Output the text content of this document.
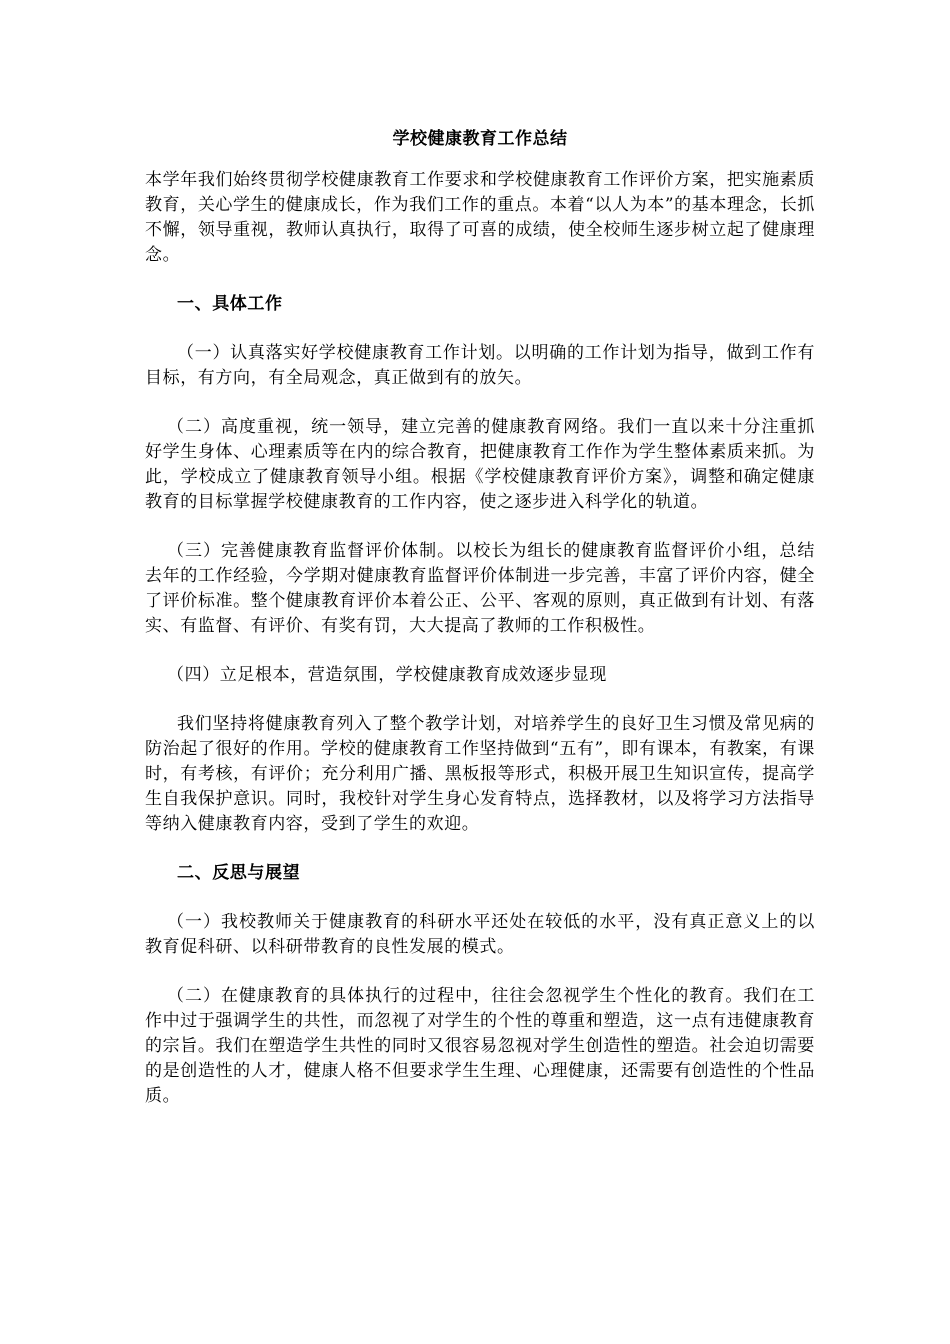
学校健康教育工作总结

本学年我们始终贯彻学校健康教育工作要求和学校健康教育工作评价方案，把实施素质教育，关心学生的健康成长，作为我们工作的重点。本着“以人为本”的基本理念，长抓不懈，领导重视，教师认真执行，取得了可喜的成绩，使全校师生逐步树立起了健康理念。

一、具体工作

（一）认真落实好学校健康教育工作计划。以明确的工作计划为指导，做到工作有目标，有方向，有全局观念，真正做到有的放矢。

（二）高度重视，统一领导，建立完善的健康教育网络。我们一直以来十分注重抓好学生身体、心理素质等在内的综合教育，把健康教育工作作为学生整体素质来抓。为此，学校成立了健康教育领导小组。根据《学校健康教育评价方案》，调整和确定健康教育的目标掌握学校健康教育的工作内容，使之逐步进入科学化的轨道。

（三）完善健康教育监督评价体制。以校长为组长的健康教育监督评价小组，总结去年的工作经验，今学期对健康教育监督评价体制进一步完善，丰富了评价内容，健全了评价标准。整个健康教育评价本着公正、公平、客观的原则，真正做到有计划、有落实、有监督、有评价、有奖有罚，大大提高了教师的工作积极性。

（四）立足根本，营造氛围，学校健康教育成效逐步显现

我们坚持将健康教育列入了整个教学计划，对培养学生的良好卫生习惯及常见病的防治起了很好的作用。学校的健康教育工作坚持做到“五有”，即有课本，有教案，有课时，有考核，有评价；充分利用广播、黑板报等形式，积极开展卫生知识宣传，提高学生自我保护意识。同时，我校针对学生身心发育特点，选择教材，以及将学习方法指导等纳入健康教育内容，受到了学生的欢迎。

二、反思与展望

（一）我校教师关于健康教育的科研水平还处在较低的水平，没有真正意义上的以教育促科研、以科研带教育的良性发展的模式。

（二）在健康教育的具体执行的过程中，往往会忽视学生个性化的教育。我们在工作中过于强调学生的共性，而忽视了对学生的个性的尊重和塑造，这一点有违健康教育的宗旨。我们在塑造学生共性的同时又很容易忽视对学生创造性的塑造。社会迫切需要的是创造性的人才，健康人格不但要求学生生理、心理健康，还需要有创造性的个性品质。
